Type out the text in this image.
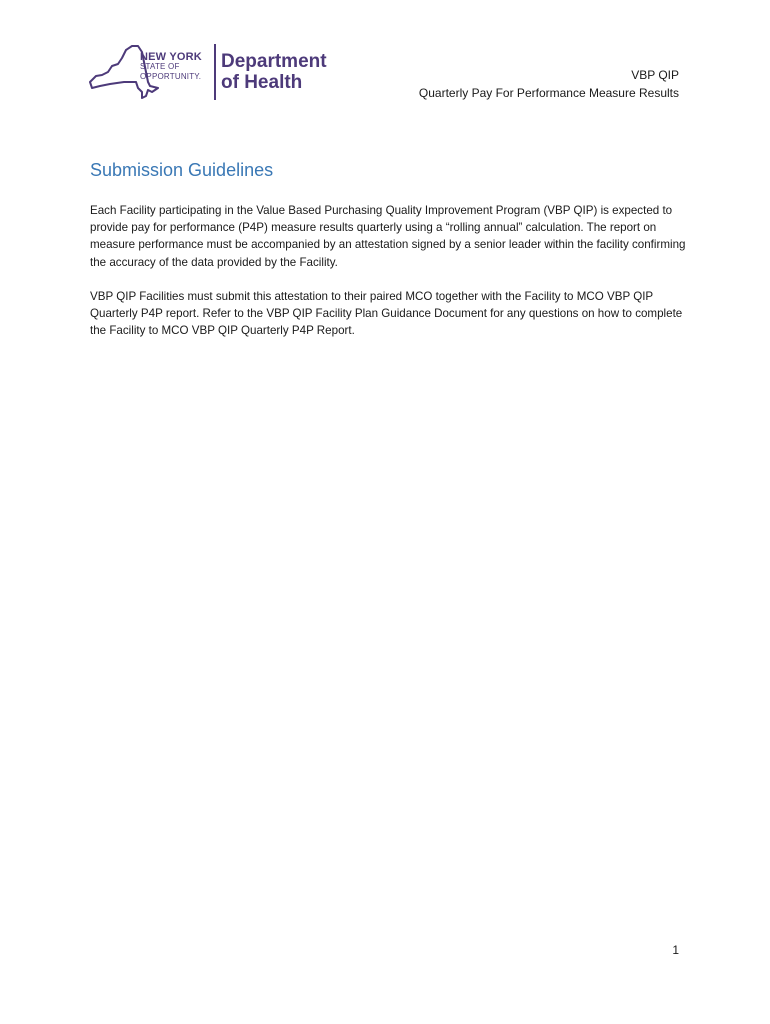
NEW YORK
STATE OF
OPPORTUNITY.
Department
of Health	VBP QIP
Quarterly Pay For Performance Measure Results
Submission Guidelines

Each Facility participating in the Value Based Purchasing Quality Improvement Program (VBP QIP) is expected to provide pay for performance (P4P) measure results quarterly using a “rolling annual” calculation. The report on measure performance must be accompanied by an attestation signed by a senior leader within the facility confirming the accuracy of the data provided by the Facility.

VBP QIP Facilities must submit this attestation to their paired MCO together with the Facility to MCO VBP QIP Quarterly P4P report. Refer to the VBP QIP Facility Plan Guidance Document for any questions on how to complete the Facility to MCO VBP QIP Quarterly P4P Report.

1
